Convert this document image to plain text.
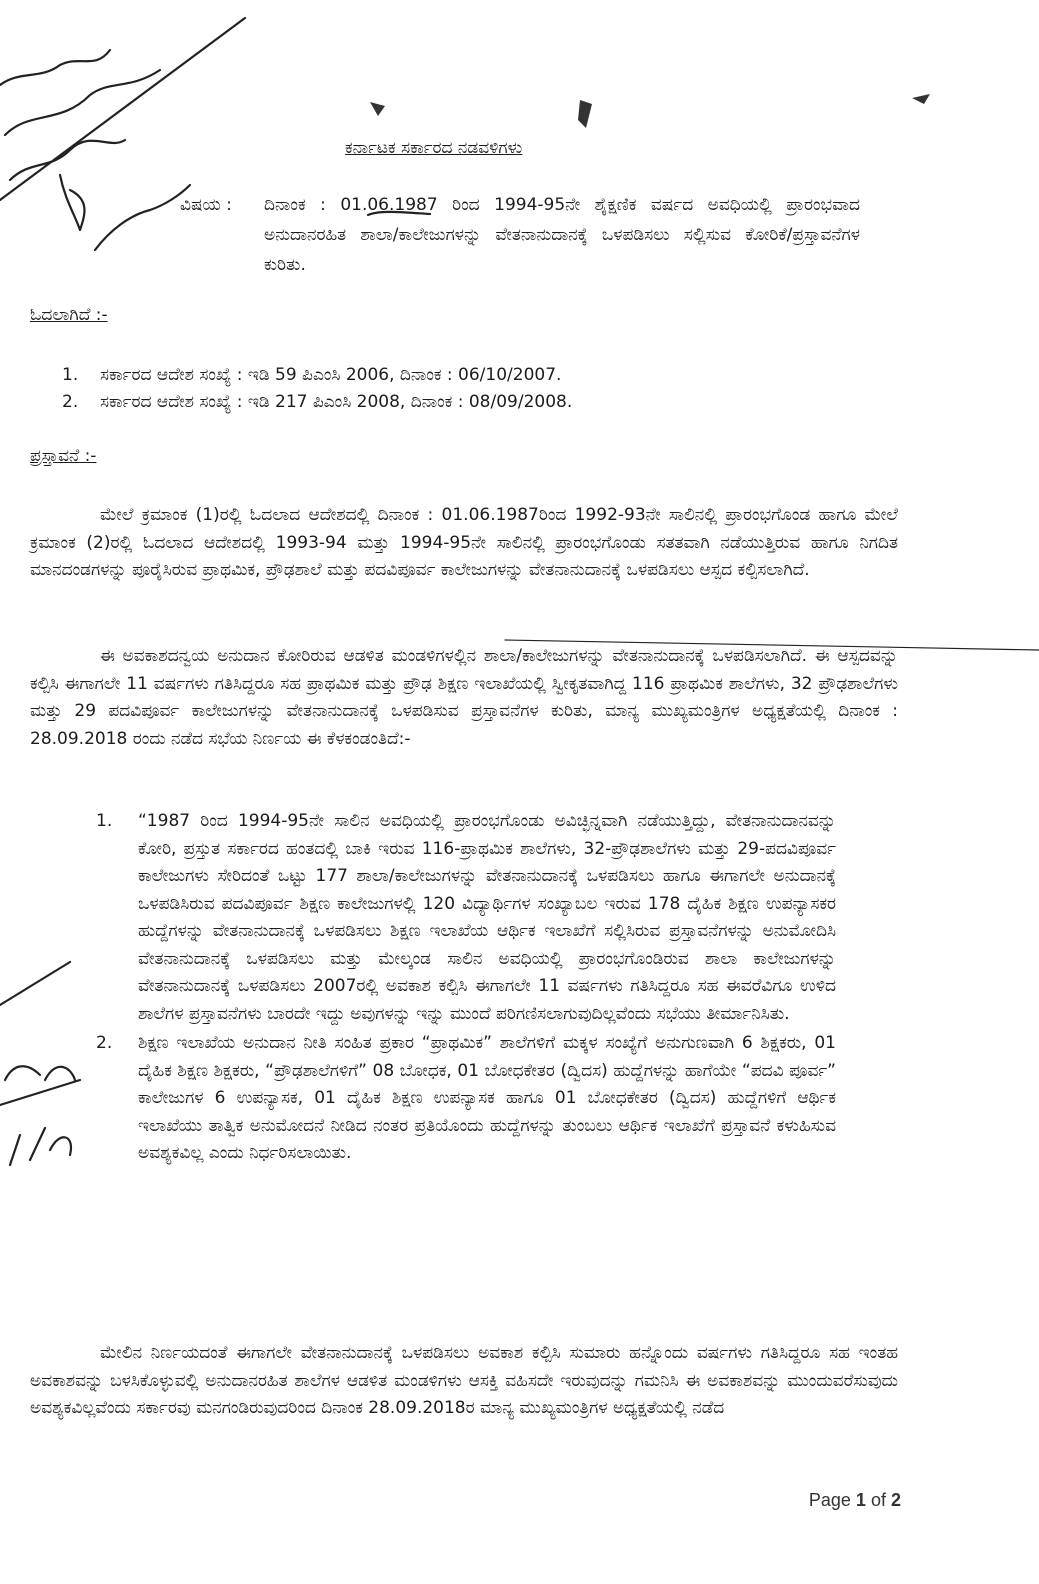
ಕರ್ನಾಟಕ ಸರ್ಕಾರದ ನಡವಳಿಗಳು
ವಿಷಯ : ದಿನಾಂಕ : 01.06.1987 ರಿಂದ 1994-95ನೇ ಶೈಕ್ಷಣಿಕ ವರ್ಷದ ಅವಧಿಯಲ್ಲಿ ಪ್ರಾರಂಭವಾದ ಅನುದಾನರಹಿತ ಶಾಲಾ/ಕಾಲೇಜುಗಳನ್ನು ವೇತನಾನುದಾನಕ್ಕೆ ಒಳಪಡಿಸಲು ಸಲ್ಲಿಸುವ ಕೋರಿಕೆ/ಪ್ರಸ್ತಾವನೆಗಳ ಕುರಿತು.
ಓದಲಾಗಿದೆ :-
1. ಸರ್ಕಾರದ ಆದೇಶ ಸಂಖ್ಯೆ : ಇಡಿ 59 ಪಿಎಂಸಿ 2006, ದಿನಾಂಕ : 06/10/2007.
2. ಸರ್ಕಾರದ ಆದೇಶ ಸಂಖ್ಯೆ : ಇಡಿ 217 ಪಿಎಂಸಿ 2008, ದಿನಾಂಕ : 08/09/2008.
ಪ್ರಸ್ತಾವನೆ :-

ಮೇಲೆ ಕ್ರಮಾಂಕ (1)ರಲ್ಲಿ ಓದಲಾದ ಆದೇಶದಲ್ಲಿ ದಿನಾಂಕ : 01.06.1987ರಿಂದ 1992-93ನೇ ಸಾಲಿನಲ್ಲಿ ಪ್ರಾರಂಭಗೊಂಡ ಹಾಗೂ ಮೇಲೆ ಕ್ರಮಾಂಕ (2)ರಲ್ಲಿ ಓದಲಾದ ಆದೇಶದಲ್ಲಿ 1993-94 ಮತ್ತು 1994-95ನೇ ಸಾಲಿನಲ್ಲಿ ಪ್ರಾರಂಭಗೊಂಡು ಸತತವಾಗಿ ನಡೆಯುತ್ತಿರುವ ಹಾಗೂ ನಿಗದಿತ ಮಾನದಂಡಗಳನ್ನು ಪೂರೈಸಿರುವ ಪ್ರಾಥಮಿಕ, ಪ್ರೌಢಶಾಲೆ ಮತ್ತು ಪದವಿಪೂರ್ವ ಕಾಲೇಜುಗಳನ್ನು ವೇತನಾನುದಾನಕ್ಕೆ ಒಳಪಡಿಸಲು ಆಸ್ಪದ ಕಲ್ಪಿಸಲಾಗಿದೆ.

ಈ ಅವಕಾಶದನ್ವಯ ಅನುದಾನ ಕೋರಿರುವ ಆಡಳಿತ ಮಂಡಳಿಗಳಲ್ಲಿನ ಶಾಲಾ/ಕಾಲೇಜುಗಳನ್ನು ವೇತನಾನುದಾನಕ್ಕೆ ಒಳಪಡಿಸಲಾಗಿದೆ. ಈ ಆಸ್ಪದವನ್ನು ಕಲ್ಪಿಸಿ ಈಗಾಗಲೇ 11 ವರ್ಷಗಳು ಗತಿಸಿದ್ದರೂ ಸಹ ಪ್ರಾಥಮಿಕ ಮತ್ತು ಪ್ರೌಢ ಶಿಕ್ಷಣ ಇಲಾಖೆಯಲ್ಲಿ ಸ್ವೀಕೃತವಾಗಿದ್ದ 116 ಪ್ರಾಥಮಿಕ ಶಾಲೆಗಳು, 32 ಪ್ರೌಢಶಾಲೆಗಳು ಮತ್ತು 29 ಪದವಿಪೂರ್ವ ಕಾಲೇಜುಗಳನ್ನು ವೇತನಾನುದಾನಕ್ಕೆ ಒಳಪಡಿಸುವ ಪ್ರಸ್ತಾವನೆಗಳ ಕುರಿತು, ಮಾನ್ಯ ಮುಖ್ಯಮಂತ್ರಿಗಳ ಅಧ್ಯಕ್ಷತೆಯಲ್ಲಿ ದಿನಾಂಕ : 28.09.2018 ರಂದು ನಡೆದ ಸಭೆಯ ನಿರ್ಣಯ ಈ ಕೆಳಕಂಡಂತಿದೆ:-

1. “1987 ರಿಂದ 1994-95ನೇ ಸಾಲಿನ ಅವಧಿಯಲ್ಲಿ ಪ್ರಾರಂಭಗೊಂಡು ಅವಿಚ್ಛಿನ್ನವಾಗಿ ನಡೆಯುತ್ತಿದ್ದು, ವೇತನಾನುದಾನವನ್ನು ಕೋರಿ, ಪ್ರಸ್ತುತ ಸರ್ಕಾರದ ಹಂತದಲ್ಲಿ ಬಾಕಿ ಇರುವ 116-ಪ್ರಾಥಮಿಕ ಶಾಲೆಗಳು, 32-ಪ್ರೌಢಶಾಲೆಗಳು ಮತ್ತು 29-ಪದವಿಪೂರ್ವ ಕಾಲೇಜುಗಳು ಸೇರಿದಂತೆ ಒಟ್ಟು 177 ಶಾಲಾ/ಕಾಲೇಜುಗಳನ್ನು ವೇತನಾನುದಾನಕ್ಕೆ ಒಳಪಡಿಸಲು ಹಾಗೂ ಈಗಾಗಲೇ ಅನುದಾನಕ್ಕೆ ಒಳಪಡಿಸಿರುವ ಪದವಿಪೂರ್ವ ಶಿಕ್ಷಣ ಕಾಲೇಜುಗಳಲ್ಲಿ 120 ವಿದ್ಯಾರ್ಥಿಗಳ ಸಂಖ್ಯಾಬಲ ಇರುವ 178 ದೈಹಿಕ ಶಿಕ್ಷಣ ಉಪನ್ಯಾಸಕರ ಹುದ್ದೆಗಳನ್ನು ವೇತನಾನುದಾನಕ್ಕೆ ಒಳಪಡಿಸಲು ಶಿಕ್ಷಣ ಇಲಾಖೆಯ ಆರ್ಥಿಕ ಇಲಾಖೆಗೆ ಸಲ್ಲಿಸಿರುವ ಪ್ರಸ್ತಾವನೆಗಳನ್ನು ಅನುಮೋದಿಸಿ ವೇತನಾನುದಾನಕ್ಕೆ ಒಳಪಡಿಸಲು ಮತ್ತು ಮೇಲ್ಕಂಡ ಸಾಲಿನ ಅವಧಿಯಲ್ಲಿ ಪ್ರಾರಂಭಗೊಂಡಿರುವ ಶಾಲಾ ಕಾಲೇಜುಗಳನ್ನು ವೇತನಾನುದಾನಕ್ಕೆ ಒಳಪಡಿಸಲು 2007ರಲ್ಲಿ ಅವಕಾಶ ಕಲ್ಪಿಸಿ ಈಗಾಗಲೇ 11 ವರ್ಷಗಳು ಗತಿಸಿದ್ದರೂ ಸಹ ಈವರೆವಿಗೂ ಉಳಿದ ಶಾಲೆಗಳ ಪ್ರಸ್ತಾವನೆಗಳು ಬಾರದೇ ಇದ್ದು ಅವುಗಳನ್ನು ಇನ್ನು ಮುಂದೆ ಪರಿಗಣಿಸಲಾಗುವುದಿಲ್ಲವೆಂದು ಸಭೆಯು ತೀರ್ಮಾನಿಸಿತು.
2. ಶಿಕ್ಷಣ ಇಲಾಖೆಯ ಅನುದಾನ ನೀತಿ ಸಂಹಿತ ಪ್ರಕಾರ “ಪ್ರಾಥಮಿಕ” ಶಾಲೆಗಳಿಗೆ ಮಕ್ಕಳ ಸಂಖ್ಯೆಗೆ ಅನುಗುಣವಾಗಿ 6 ಶಿಕ್ಷಕರು, 01 ದೈಹಿಕ ಶಿಕ್ಷಣ ಶಿಕ್ಷಕರು, “ಪ್ರೌಢಶಾಲೆಗಳಿಗೆ” 08 ಬೋಧಕ, 01 ಬೋಧಕೇತರ (ದ್ವಿದಸ) ಹುದ್ದೆಗಳನ್ನು ಹಾಗೆಯೇ “ಪದವಿ ಪೂರ್ವ” ಕಾಲೇಜುಗಳ 6 ಉಪನ್ಯಾಸಕ, 01 ದೈಹಿಕ ಶಿಕ್ಷಣ ಉಪನ್ಯಾಸಕ ಹಾಗೂ 01 ಬೋಧಕೇತರ (ದ್ವಿದಸ) ಹುದ್ದೆಗಳಿಗೆ ಆರ್ಥಿಕ ಇಲಾಖೆಯು ತಾತ್ವಿಕ ಅನುಮೋದನೆ ನೀಡಿದ ನಂತರ ಪ್ರತಿಯೊಂದು ಹುದ್ದೆಗಳನ್ನು ತುಂಬಲು ಆರ್ಥಿಕ ಇಲಾಖೆಗೆ ಪ್ರಸ್ತಾವನೆ ಕಳುಹಿಸುವ ಅವಶ್ಯಕವಿಲ್ಲ ಎಂದು ನಿರ್ಧರಿಸಲಾಯಿತು.

ಮೇಲಿನ ನಿರ್ಣಯದಂತೆ ಈಗಾಗಲೇ ವೇತನಾನುದಾನಕ್ಕೆ ಒಳಪಡಿಸಲು ಅವಕಾಶ ಕಲ್ಪಿಸಿ ಸುಮಾರು ಹನ್ನೊಂದು ವರ್ಷಗಳು ಗತಿಸಿದ್ದರೂ ಸಹ ಇಂತಹ ಅವಕಾಶವನ್ನು ಬಳಸಿಕೊಳ್ಳುವಲ್ಲಿ ಅನುದಾನರಹಿತ ಶಾಲೆಗಳ ಆಡಳಿತ ಮಂಡಳಿಗಳು ಆಸಕ್ತಿ ವಹಿಸದೇ ಇರುವುದನ್ನು ಗಮನಿಸಿ ಈ ಅವಕಾಶವನ್ನು ಮುಂದುವರೆಸುವುದು ಅವಶ್ಯಕವಿಲ್ಲವೆಂದು ಸರ್ಕಾರವು ಮನಗಂಡಿರುವುದರಿಂದ ದಿನಾಂಕ 28.09.2018ರ ಮಾನ್ಯ ಮುಖ್ಯಮಂತ್ರಿಗಳ ಅಧ್ಯಕ್ಷತೆಯಲ್ಲಿ ನಡೆದ

Page 1 of 2
